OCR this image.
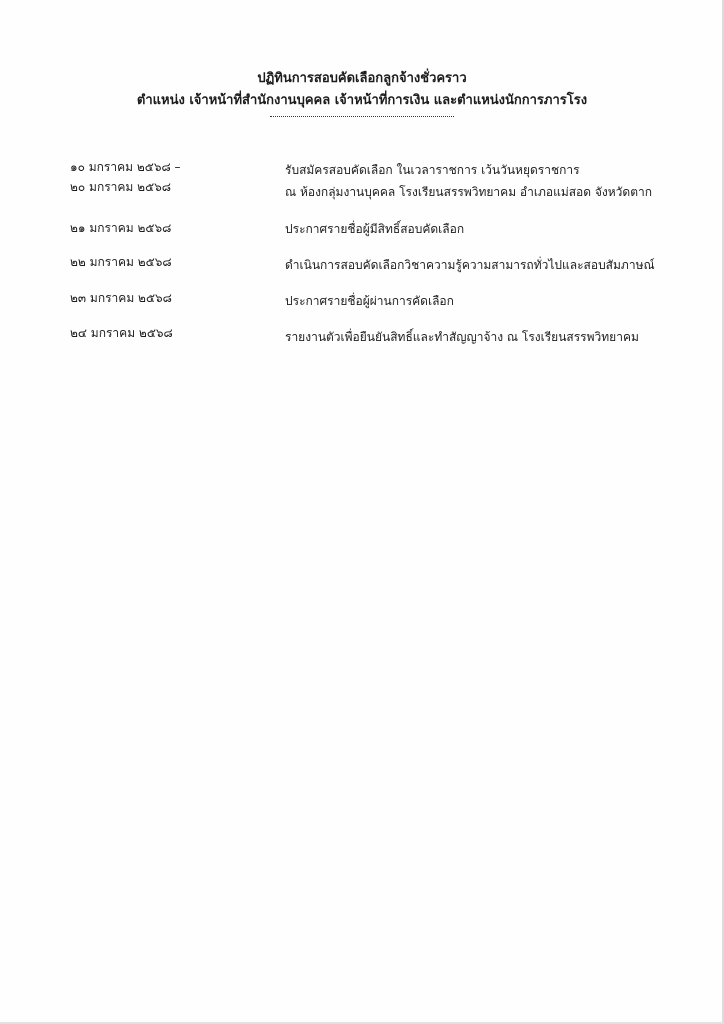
ปฏิทินการสอบคัดเลือกลูกจ้างชั่วคราว
ตำแหน่ง เจ้าหน้าที่สำนักงานบุคคล เจ้าหน้าที่การเงิน และตำแหน่งนักการภารโรง
๑๐ มกราคม ๒๕๖๘ –	รับสมัครสอบคัดเลือก ในเวลาราชการ เว้นวันหยุดราชการ
๒๐ มกราคม ๒๕๖๘	ณ ห้องกลุ่มงานบุคคล โรงเรียนสรรพวิทยาคม อำเภอแม่สอด จังหวัดตาก
๒๑ มกราคม ๒๕๖๘	ประกาศรายชื่อผู้มีสิทธิ์สอบคัดเลือก
๒๒ มกราคม ๒๕๖๘	ดำเนินการสอบคัดเลือกวิชาความรู้ความสามารถทั่วไปและสอบสัมภาษณ์
๒๓ มกราคม ๒๕๖๘	ประกาศรายชื่อผู้ผ่านการคัดเลือก
๒๔ มกราคม ๒๕๖๘	รายงานตัวเพื่อยืนยันสิทธิ์และทำสัญญาจ้าง ณ โรงเรียนสรรพวิทยาคม
